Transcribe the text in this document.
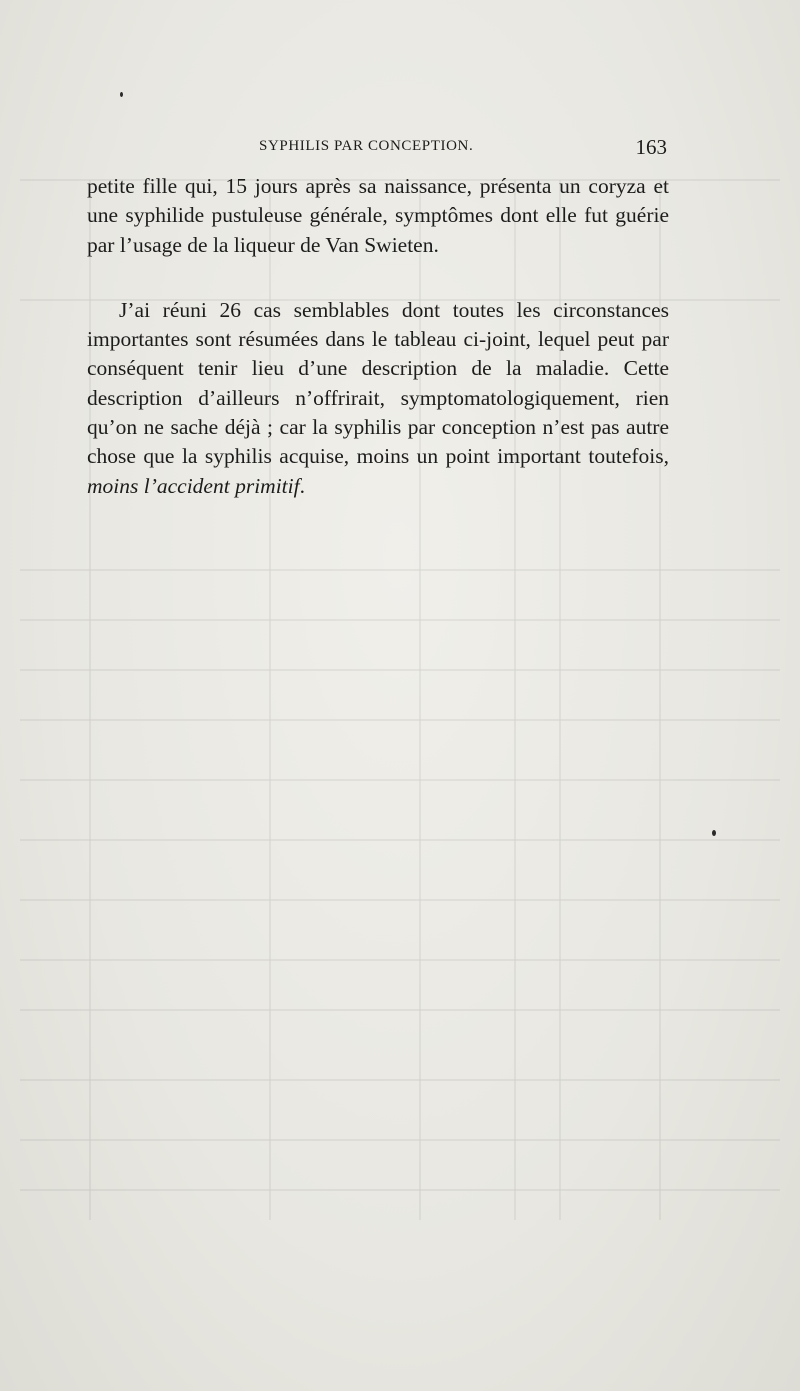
SYPHILIS PAR CONCEPTION.	163

petite fille qui, 15 jours après sa naissance, présenta un coryza et une syphilide pustuleuse générale, symptômes dont elle fut guérie par l’usage de la liqueur de Van Swieten.

J’ai réuni 26 cas semblables dont toutes les circonstances importantes sont résumées dans le tableau ci-joint, lequel peut par conséquent tenir lieu d’une description de la maladie. Cette description d’ailleurs n’offrirait, symptomatologiquement, rien qu’on ne sache déjà ; car la syphilis par conception n’est pas autre chose que la syphilis acquise, moins un point important toutefois, moins l’accident primitif.
